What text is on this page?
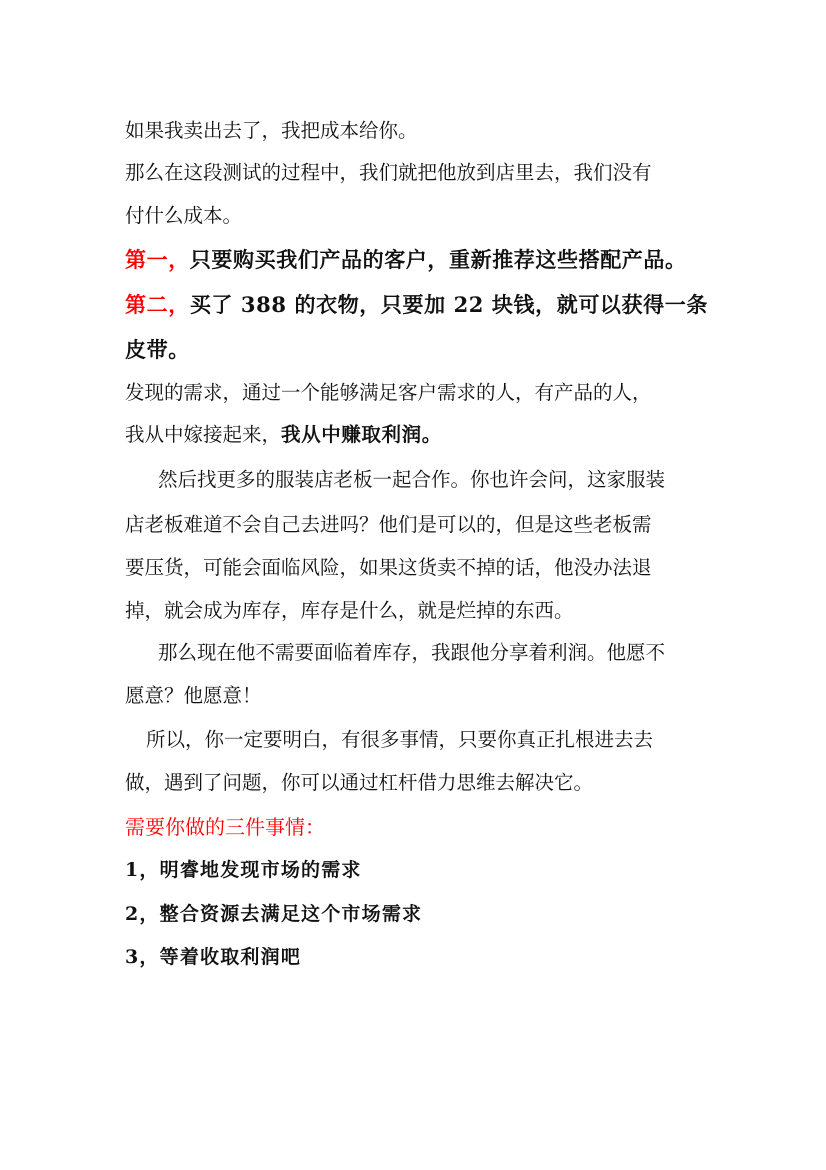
如果我卖出去了，我把成本给你。
那么在这段测试的过程中，我们就把他放到店里去，我们没有
付什么成本。
第一，只要购买我们产品的客户，重新推荐这些搭配产品。
第二，买了 388 的衣物，只要加 22 块钱，就可以获得一条
皮带。
发现的需求，通过一个能够满足客户需求的人，有产品的人，
我从中嫁接起来，我从中赚取利润。
然后找更多的服装店老板一起合作。你也许会问，这家服装
店老板难道不会自己去进吗？他们是可以的，但是这些老板需
要压货，可能会面临风险，如果这货卖不掉的话，他没办法退
掉，就会成为库存，库存是什么，就是烂掉的东西。
那么现在他不需要面临着库存，我跟他分享着利润。他愿不
愿意？他愿意！
所以，你一定要明白，有很多事情，只要你真正扎根进去去
做，遇到了问题，你可以通过杠杆借力思维去解决它。
需要你做的三件事情：
1，明睿地发现市场的需求
2，整合资源去满足这个市场需求
3，等着收取利润吧
